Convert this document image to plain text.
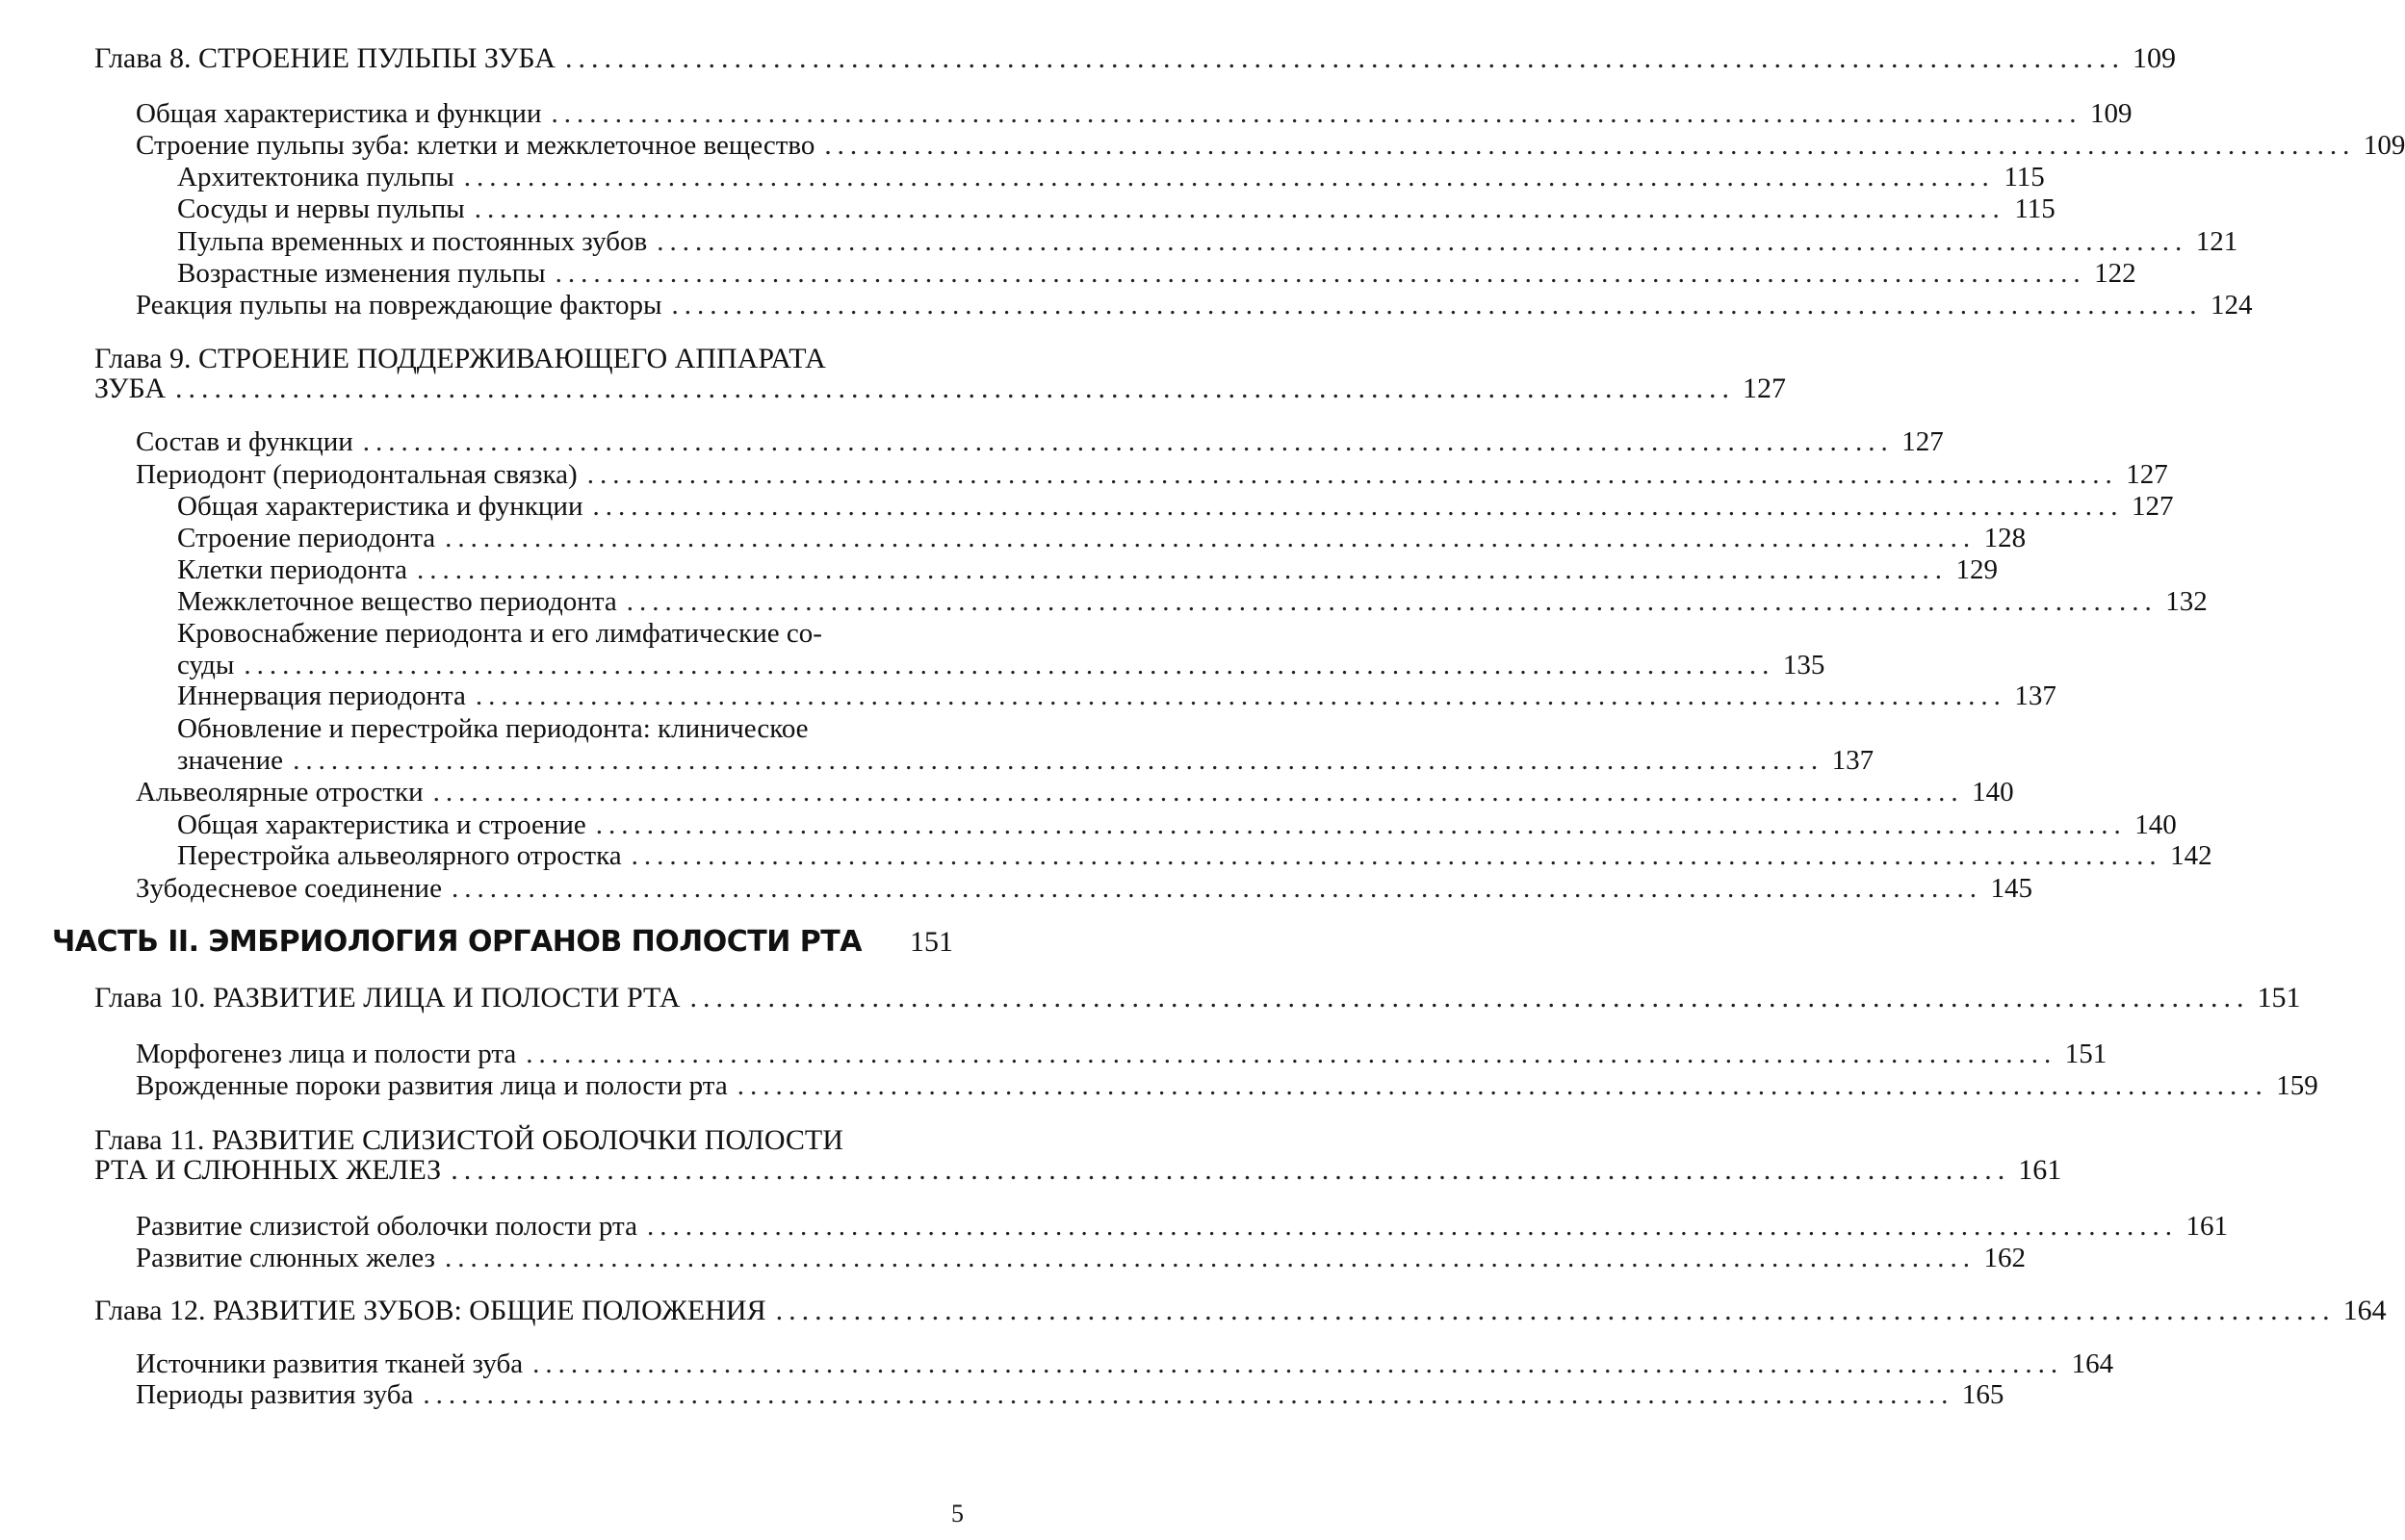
Глава 8. СТРОЕНИЕ ПУЛЬПЫ ЗУБА ........................................................................................................................ 109
Общая характеристика и функции ........................................................................................................................ 109
Строение пульпы зуба: клетки и межклеточное вещество ........................................................................................................................ 109
Архитектоника пульпы ........................................................................................................................ 115
Сосуды и нервы пульпы ........................................................................................................................ 115
Пульпа временных и постоянных зубов ........................................................................................................................ 121
Возрастные изменения пульпы ........................................................................................................................ 122
Реакция пульпы на повреждающие факторы ........................................................................................................................ 124
Глава 9. СТРОЕНИЕ ПОДДЕРЖИВАЮЩЕГО АППАРАТА
ЗУБА ........................................................................................................................ 127
Состав и функции ........................................................................................................................ 127
Периодонт (периодонтальная связка) ........................................................................................................................ 127
Общая характеристика и функции ........................................................................................................................ 127
Строение периодонта ........................................................................................................................ 128
Клетки периодонта ........................................................................................................................ 129
Межклеточное вещество периодонта ........................................................................................................................ 132
Кровоснабжение периодонта и его лимфатические со-
суды ........................................................................................................................ 135
Иннервация периодонта ........................................................................................................................ 137
Обновление и перестройка периодонта: клиническое
значение ........................................................................................................................ 137
Альвеолярные отростки ........................................................................................................................ 140
Общая характеристика и строение ........................................................................................................................ 140
Перестройка альвеолярного отростка ........................................................................................................................ 142
Зубодесневое соединение ........................................................................................................................ 145
ЧАСТЬ II. ЭМБРИОЛОГИЯ ОРГАНОВ ПОЛОСТИ РТА 151
Глава 10. РАЗВИТИЕ ЛИЦА И ПОЛОСТИ РТА ........................................................................................................................ 151
Морфогенез лица и полости рта ........................................................................................................................ 151
Врожденные пороки развития лица и полости рта ........................................................................................................................ 159
Глава 11. РАЗВИТИЕ СЛИЗИСТОЙ ОБОЛОЧКИ ПОЛОСТИ
РТА И СЛЮННЫХ ЖЕЛЕЗ ........................................................................................................................ 161
Развитие слизистой оболочки полости рта ........................................................................................................................ 161
Развитие слюнных желез ........................................................................................................................ 162
Глава 12. РАЗВИТИЕ ЗУБОВ: ОБЩИЕ ПОЛОЖЕНИЯ ........................................................................................................................ 164
Источники развития тканей зуба ........................................................................................................................ 164
Периоды развития зуба ........................................................................................................................ 165
5
